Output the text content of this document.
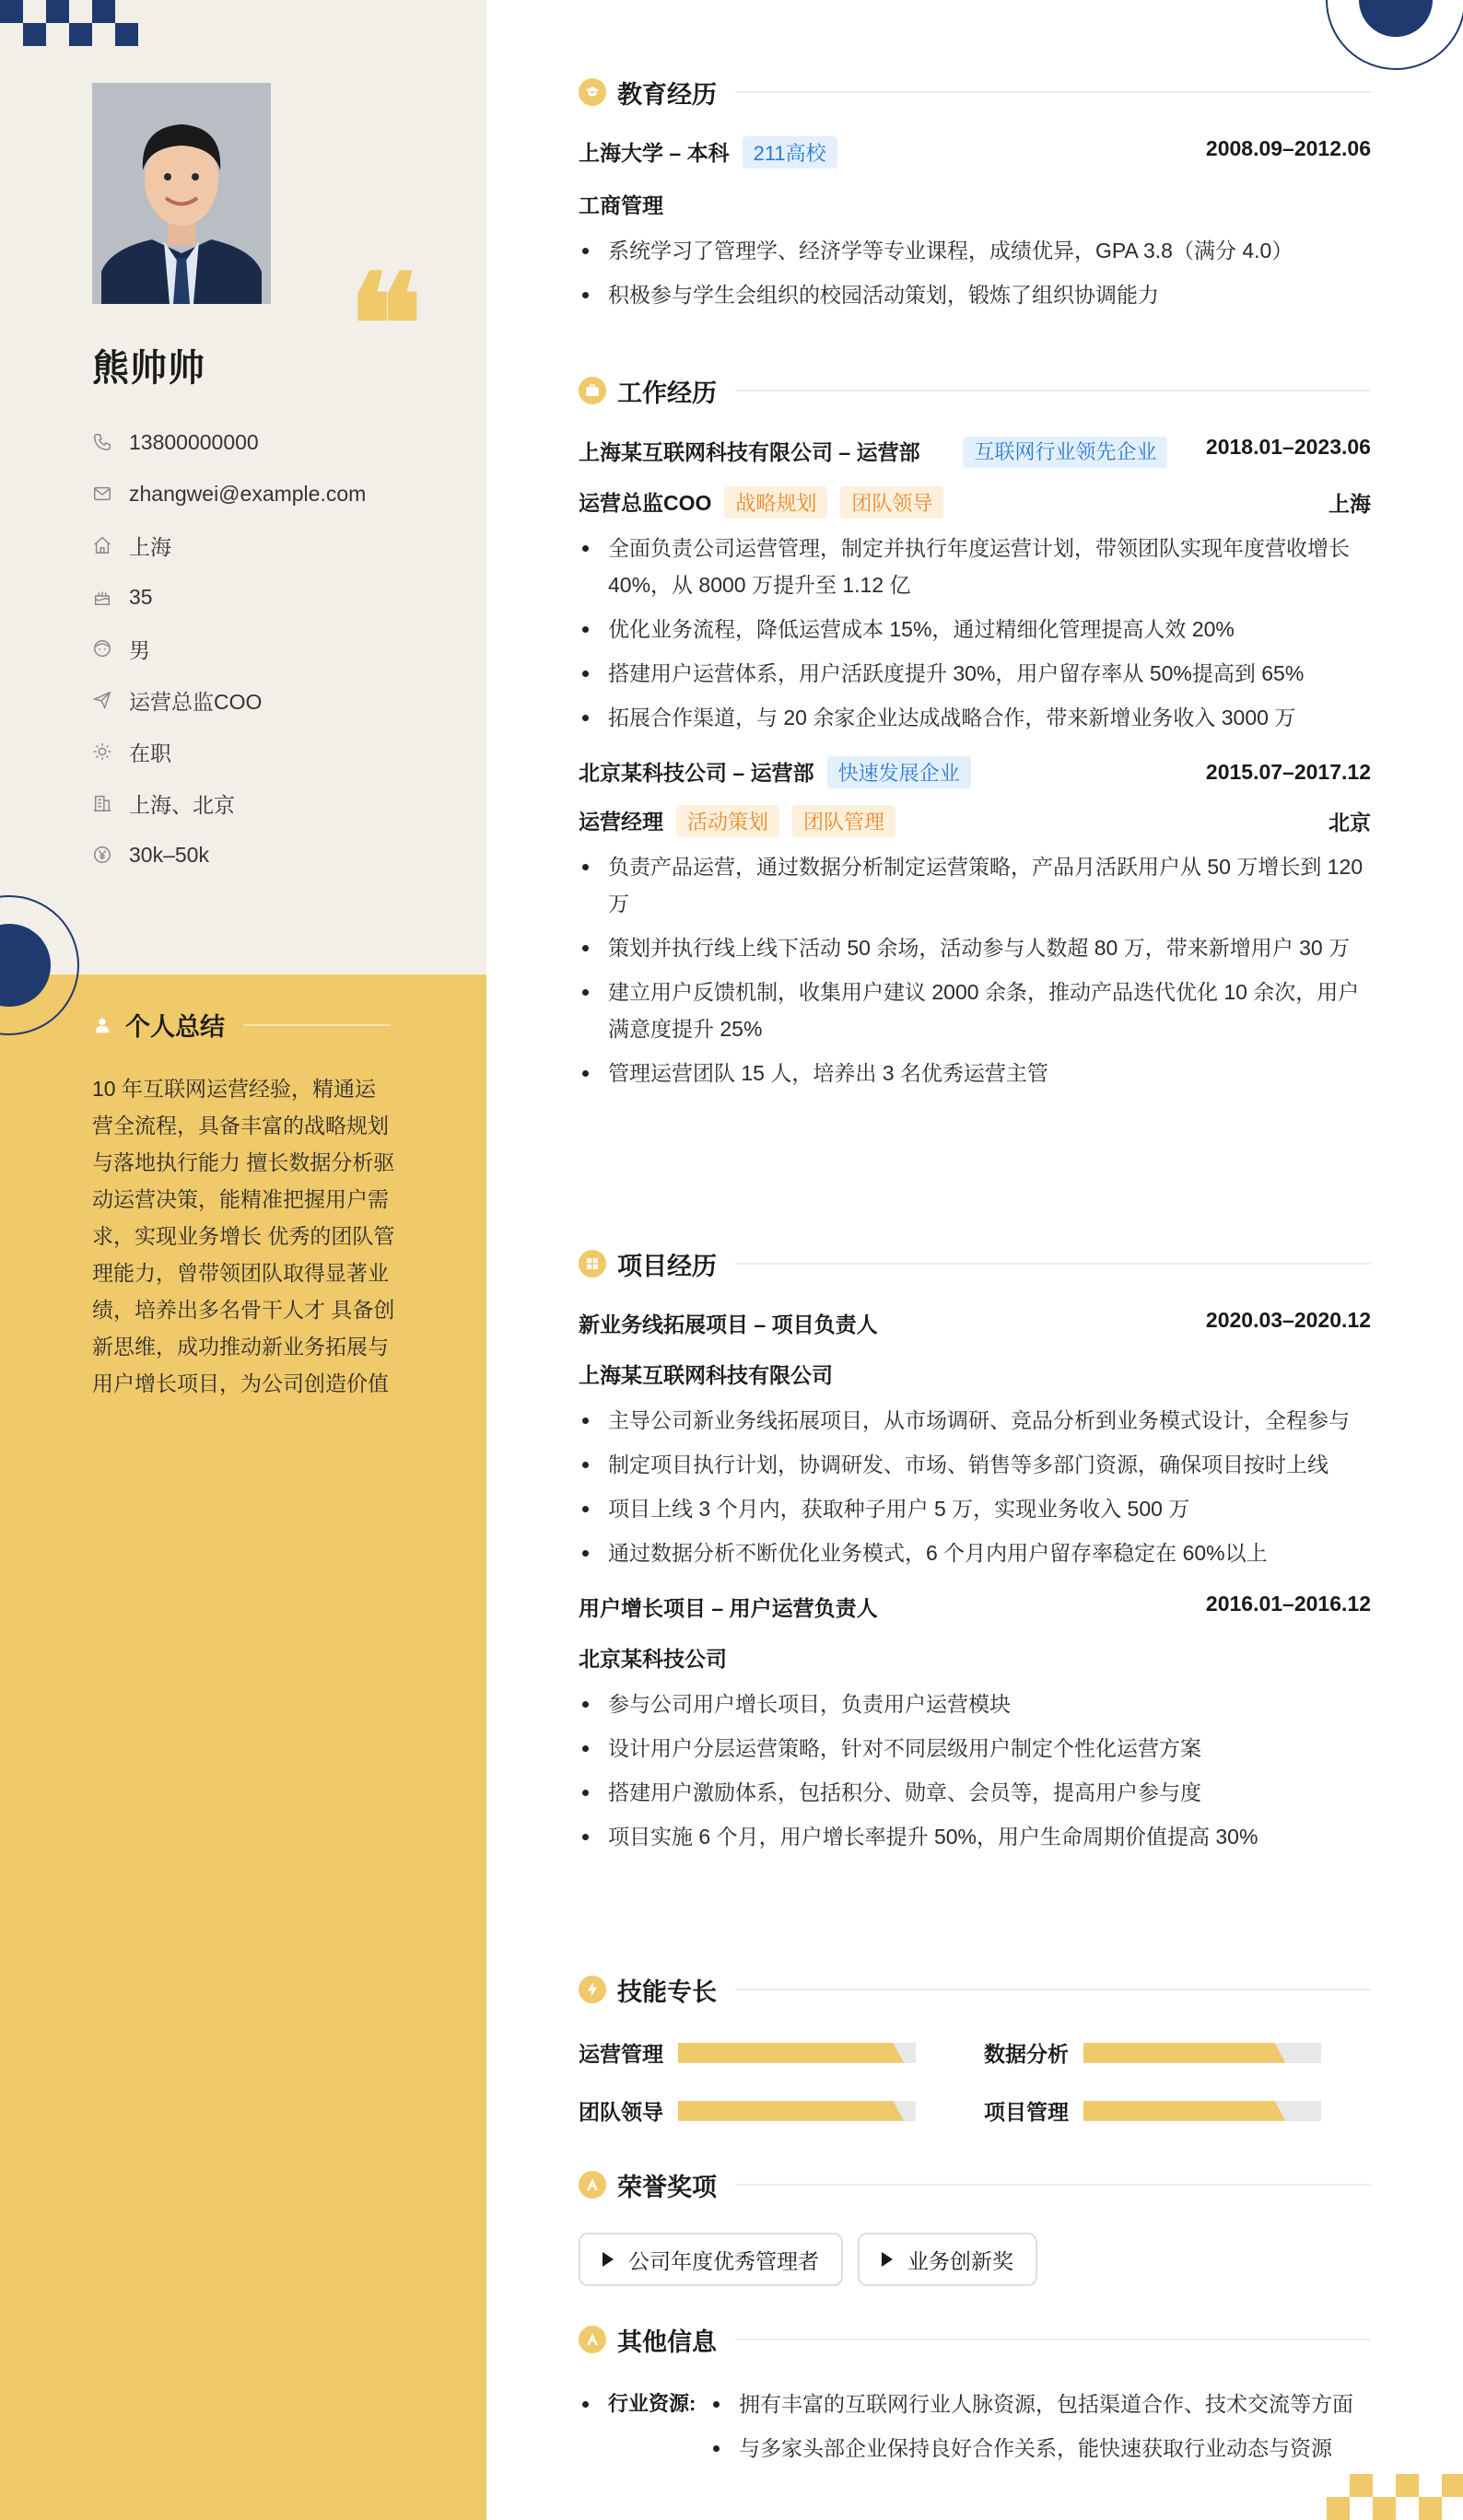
❝
熊帅帅
13800000000
zhangwei@example.com
上海
35
男
运营总监COO
在职
上海、北京
30k–50k
个人总结
10 年互联网运营经验，精通运营全流程，具备丰富的战略规划与落地执行能力 擅长数据分析驱动运营决策，能精准把握用户需求，实现业务增长 优秀的团队管理能力，曾带领团队取得显著业绩，培养出多名骨干人才 具备创新思维，成功推动新业务拓展与用户增长项目，为公司创造价值
教育经历
上海大学 – 本科 211高校	2008.09–2012.06
工商管理
系统学习了管理学、经济学等专业课程，成绩优异，GPA 3.8（满分 4.0）
积极参与学生会组织的校园活动策划，锻炼了组织协调能力
工作经历
上海某互联网科技有限公司 – 运营部	互联网行业领先企业	2018.01–2023.06
运营总监COO 战略规划 团队领导	上海
全面负责公司运营管理，制定并执行年度运营计划，带领团队实现年度营收增长 40%，从 8000 万提升至 1.12 亿
优化业务流程，降低运营成本 15%，通过精细化管理提高人效 20%
搭建用户运营体系，用户活跃度提升 30%，用户留存率从 50%提高到 65%
拓展合作渠道，与 20 余家企业达成战略合作，带来新增业务收入 3000 万
北京某科技公司 – 运营部 快速发展企业	2015.07–2017.12
运营经理 活动策划 团队管理	北京
负责产品运营，通过数据分析制定运营策略，产品月活跃用户从 50 万增长到 120 万
策划并执行线上线下活动 50 余场，活动参与人数超 80 万，带来新增用户 30 万
建立用户反馈机制，收集用户建议 2000 余条，推动产品迭代优化 10 余次，用户满意度提升 25%
管理运营团队 15 人，培养出 3 名优秀运营主管
项目经历
新业务线拓展项目 – 项目负责人	2020.03–2020.12
上海某互联网科技有限公司
主导公司新业务线拓展项目，从市场调研、竞品分析到业务模式设计，全程参与
制定项目执行计划，协调研发、市场、销售等多部门资源，确保项目按时上线
项目上线 3 个月内，获取种子用户 5 万，实现业务收入 500 万
通过数据分析不断优化业务模式，6 个月内用户留存率稳定在 60%以上
用户增长项目 – 用户运营负责人	2016.01–2016.12
北京某科技公司
参与公司用户增长项目，负责用户运营模块
设计用户分层运营策略，针对不同层级用户制定个性化运营方案
搭建用户激励体系，包括积分、勋章、会员等，提高用户参与度
项目实施 6 个月，用户增长率提升 50%，用户生命周期价值提高 30%
技能专长
运营管理	数据分析
团队领导	项目管理
荣誉奖项
公司年度优秀管理者	业务创新奖
其他信息
行业资源:	拥有丰富的互联网行业人脉资源，包括渠道合作、技术交流等方面
与多家头部企业保持良好合作关系，能快速获取行业动态与资源
